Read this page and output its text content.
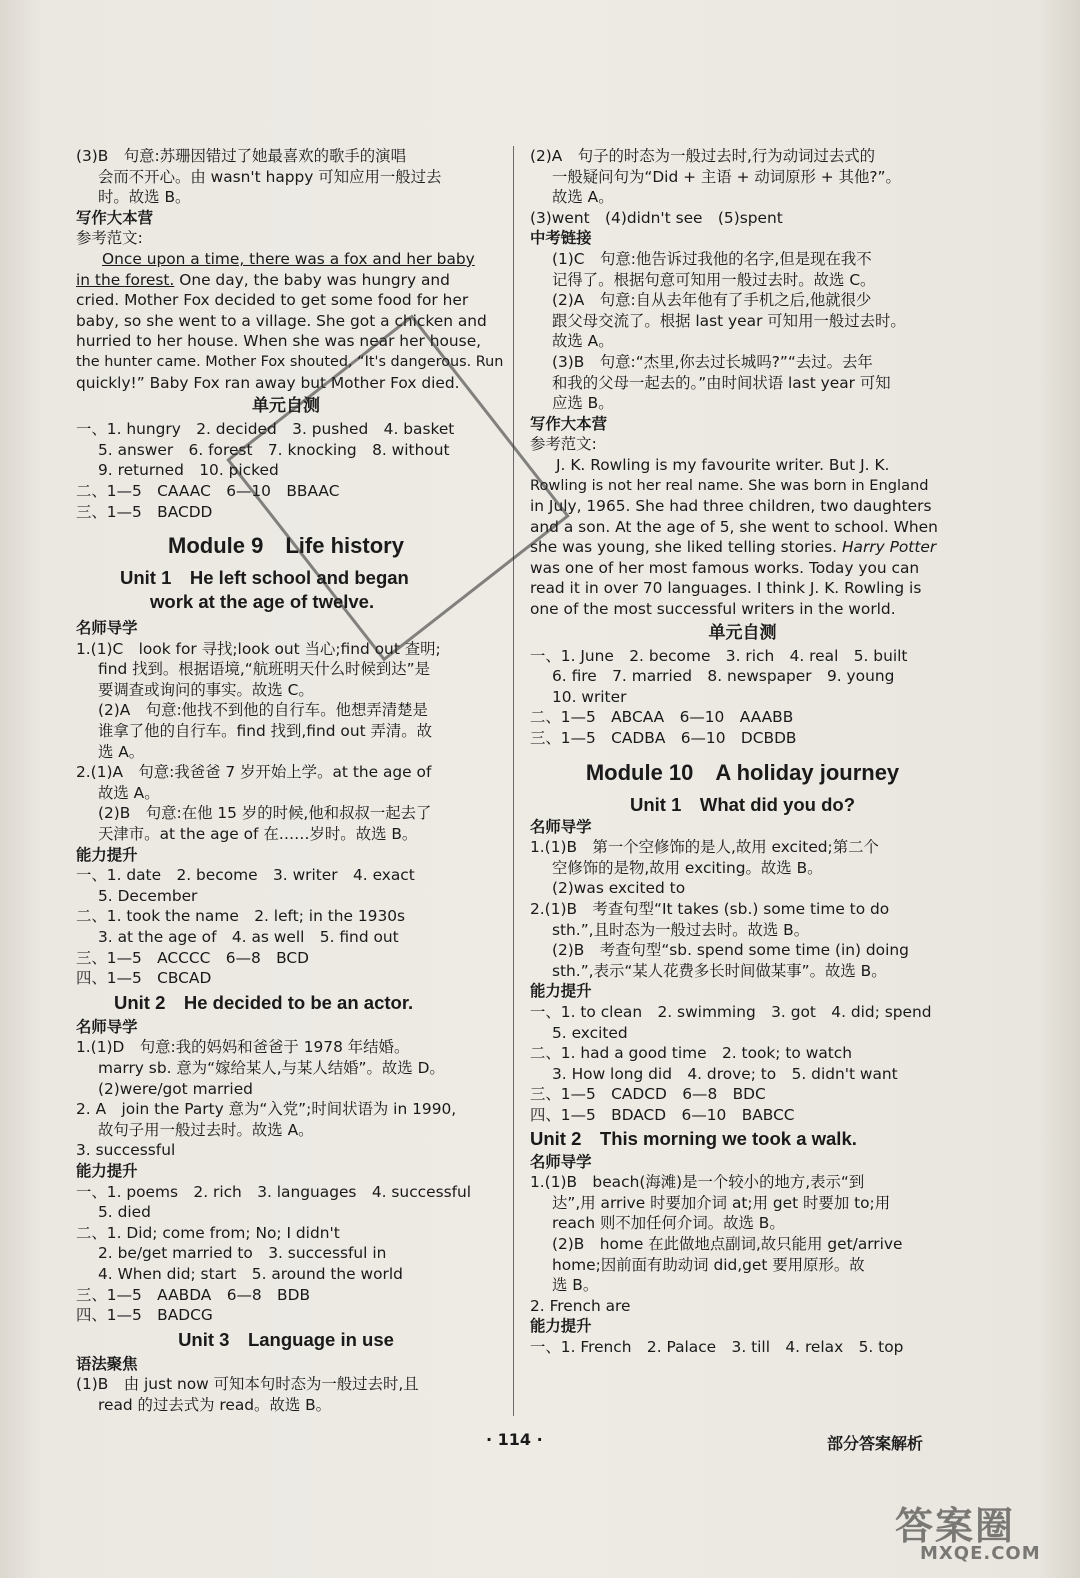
(3)B　句意:苏珊因错过了她最喜欢的歌手的演唱
会而不开心。由 wasn't happy 可知应用一般过去
时。故选 B。
写作大本营
参考范文:
Once upon a time, there was a fox and her baby
in the forest. One day, the baby was hungry and
cried. Mother Fox decided to get some food for her
baby, so she went to a village. She got a chicken and
hurried to her house. When she was near her house,
the hunter came. Mother Fox shouted, “It's dangerous. Run
quickly!” Baby Fox ran away but Mother Fox died.
单元自测
一、1. hungry　2. decided　3. pushed　4. basket
5. answer　6. forest　7. knocking　8. without
9. returned　10. picked
二、1—5　CAAAC　6—10　BBAAC
三、1—5　BACDD
Module 9　Life history
Unit 1　He left school and began
work at the age of twelve.
名师导学
1.(1)C　look for 寻找;look out 当心;find out 查明;
find 找到。根据语境,“航班明天什么时候到达”是
要调查或询问的事实。故选 C。
(2)A　句意:他找不到他的自行车。他想弄清楚是
谁拿了他的自行车。find 找到,find out 弄清。故
选 A。
2.(1)A　句意:我爸爸 7 岁开始上学。at the age of
故选 A。
(2)B　句意:在他 15 岁的时候,他和叔叔一起去了
天津市。at the age of 在……岁时。故选 B。
能力提升
一、1. date　2. become　3. writer　4. exact
5. December
二、1. took the name　2. left; in the 1930s
3. at the age of　4. as well　5. find out
三、1—5　ACCCC　6—8　BCD
四、1—5　CBCAD
Unit 2　He decided to be an actor.
名师导学
1.(1)D　句意:我的妈妈和爸爸于 1978 年结婚。
marry sb. 意为“嫁给某人,与某人结婚”。故选 D。
(2)were/got married
2. A　join the Party 意为“入党”;时间状语为 in 1990,
故句子用一般过去时。故选 A。
3. successful
能力提升
一、1. poems　2. rich　3. languages　4. successful
5. died
二、1. Did; come from; No; I didn't
2. be/get married to　3. successful in
4. When did; start　5. around the world
三、1—5　AABDA　6—8　BDB
四、1—5　BADCG
Unit 3　Language in use
语法聚焦
(1)B　由 just now 可知本句时态为一般过去时,且
read 的过去式为 read。故选 B。
(2)A　句子的时态为一般过去时,行为动词过去式的
一般疑问句为“Did + 主语 + 动词原形 + 其他?”。
故选 A。
(3)went　(4)didn't see　(5)spent
中考链接
(1)C　句意:他告诉过我他的名字,但是现在我不
记得了。根据句意可知用一般过去时。故选 C。
(2)A　句意:自从去年他有了手机之后,他就很少
跟父母交流了。根据 last year 可知用一般过去时。
故选 A。
(3)B　句意:“杰里,你去过长城吗?”“去过。去年
和我的父母一起去的。”由时间状语 last year 可知
应选 B。
写作大本营
参考范文:
J. K. Rowling is my favourite writer. But J. K.
Rowling is not her real name. She was born in England
in July, 1965. She had three children, two daughters
and a son. At the age of 5, she went to school. When
she was young, she liked telling stories. Harry Potter
was one of her most famous works. Today you can
read it in over 70 languages. I think J. K. Rowling is
one of the most successful writers in the world.
单元自测
一、1. June　2. become　3. rich　4. real　5. built
6. fire　7. married　8. newspaper　9. young
10. writer
二、1—5　ABCAA　6—10　AAABB
三、1—5　CADBA　6—10　DCBDB
Module 10　A holiday journey
Unit 1　What did you do?
名师导学
1.(1)B　第一个空修饰的是人,故用 excited;第二个
空修饰的是物,故用 exciting。故选 B。
(2)was excited to
2.(1)B　考查句型“It takes (sb.) some time to do
sth.”,且时态为一般过去时。故选 B。
(2)B　考查句型“sb. spend some time (in) doing
sth.”,表示“某人花费多长时间做某事”。故选 B。
能力提升
一、1. to clean　2. swimming　3. got　4. did; spend
5. excited
二、1. had a good time　2. took; to watch
3. How long did　4. drove; to　5. didn't want
三、1—5　CADCD　6—8　BDC
四、1—5　BDACD　6—10　BABCC
Unit 2　This morning we took a walk.
名师导学
1.(1)B　beach(海滩)是一个较小的地方,表示“到
达”,用 arrive 时要加介词 at;用 get 时要加 to;用
reach 则不加任何介词。故选 B。
(2)B　home 在此做地点副词,故只能用 get/arrive
home;因前面有助动词 did,get 要用原形。故
选 B。
2. French are
能力提升
一、1. French　2. Palace　3. till　4. relax　5. top
· 114 ·	部分答案解析
答案圈
MXQE.COM
